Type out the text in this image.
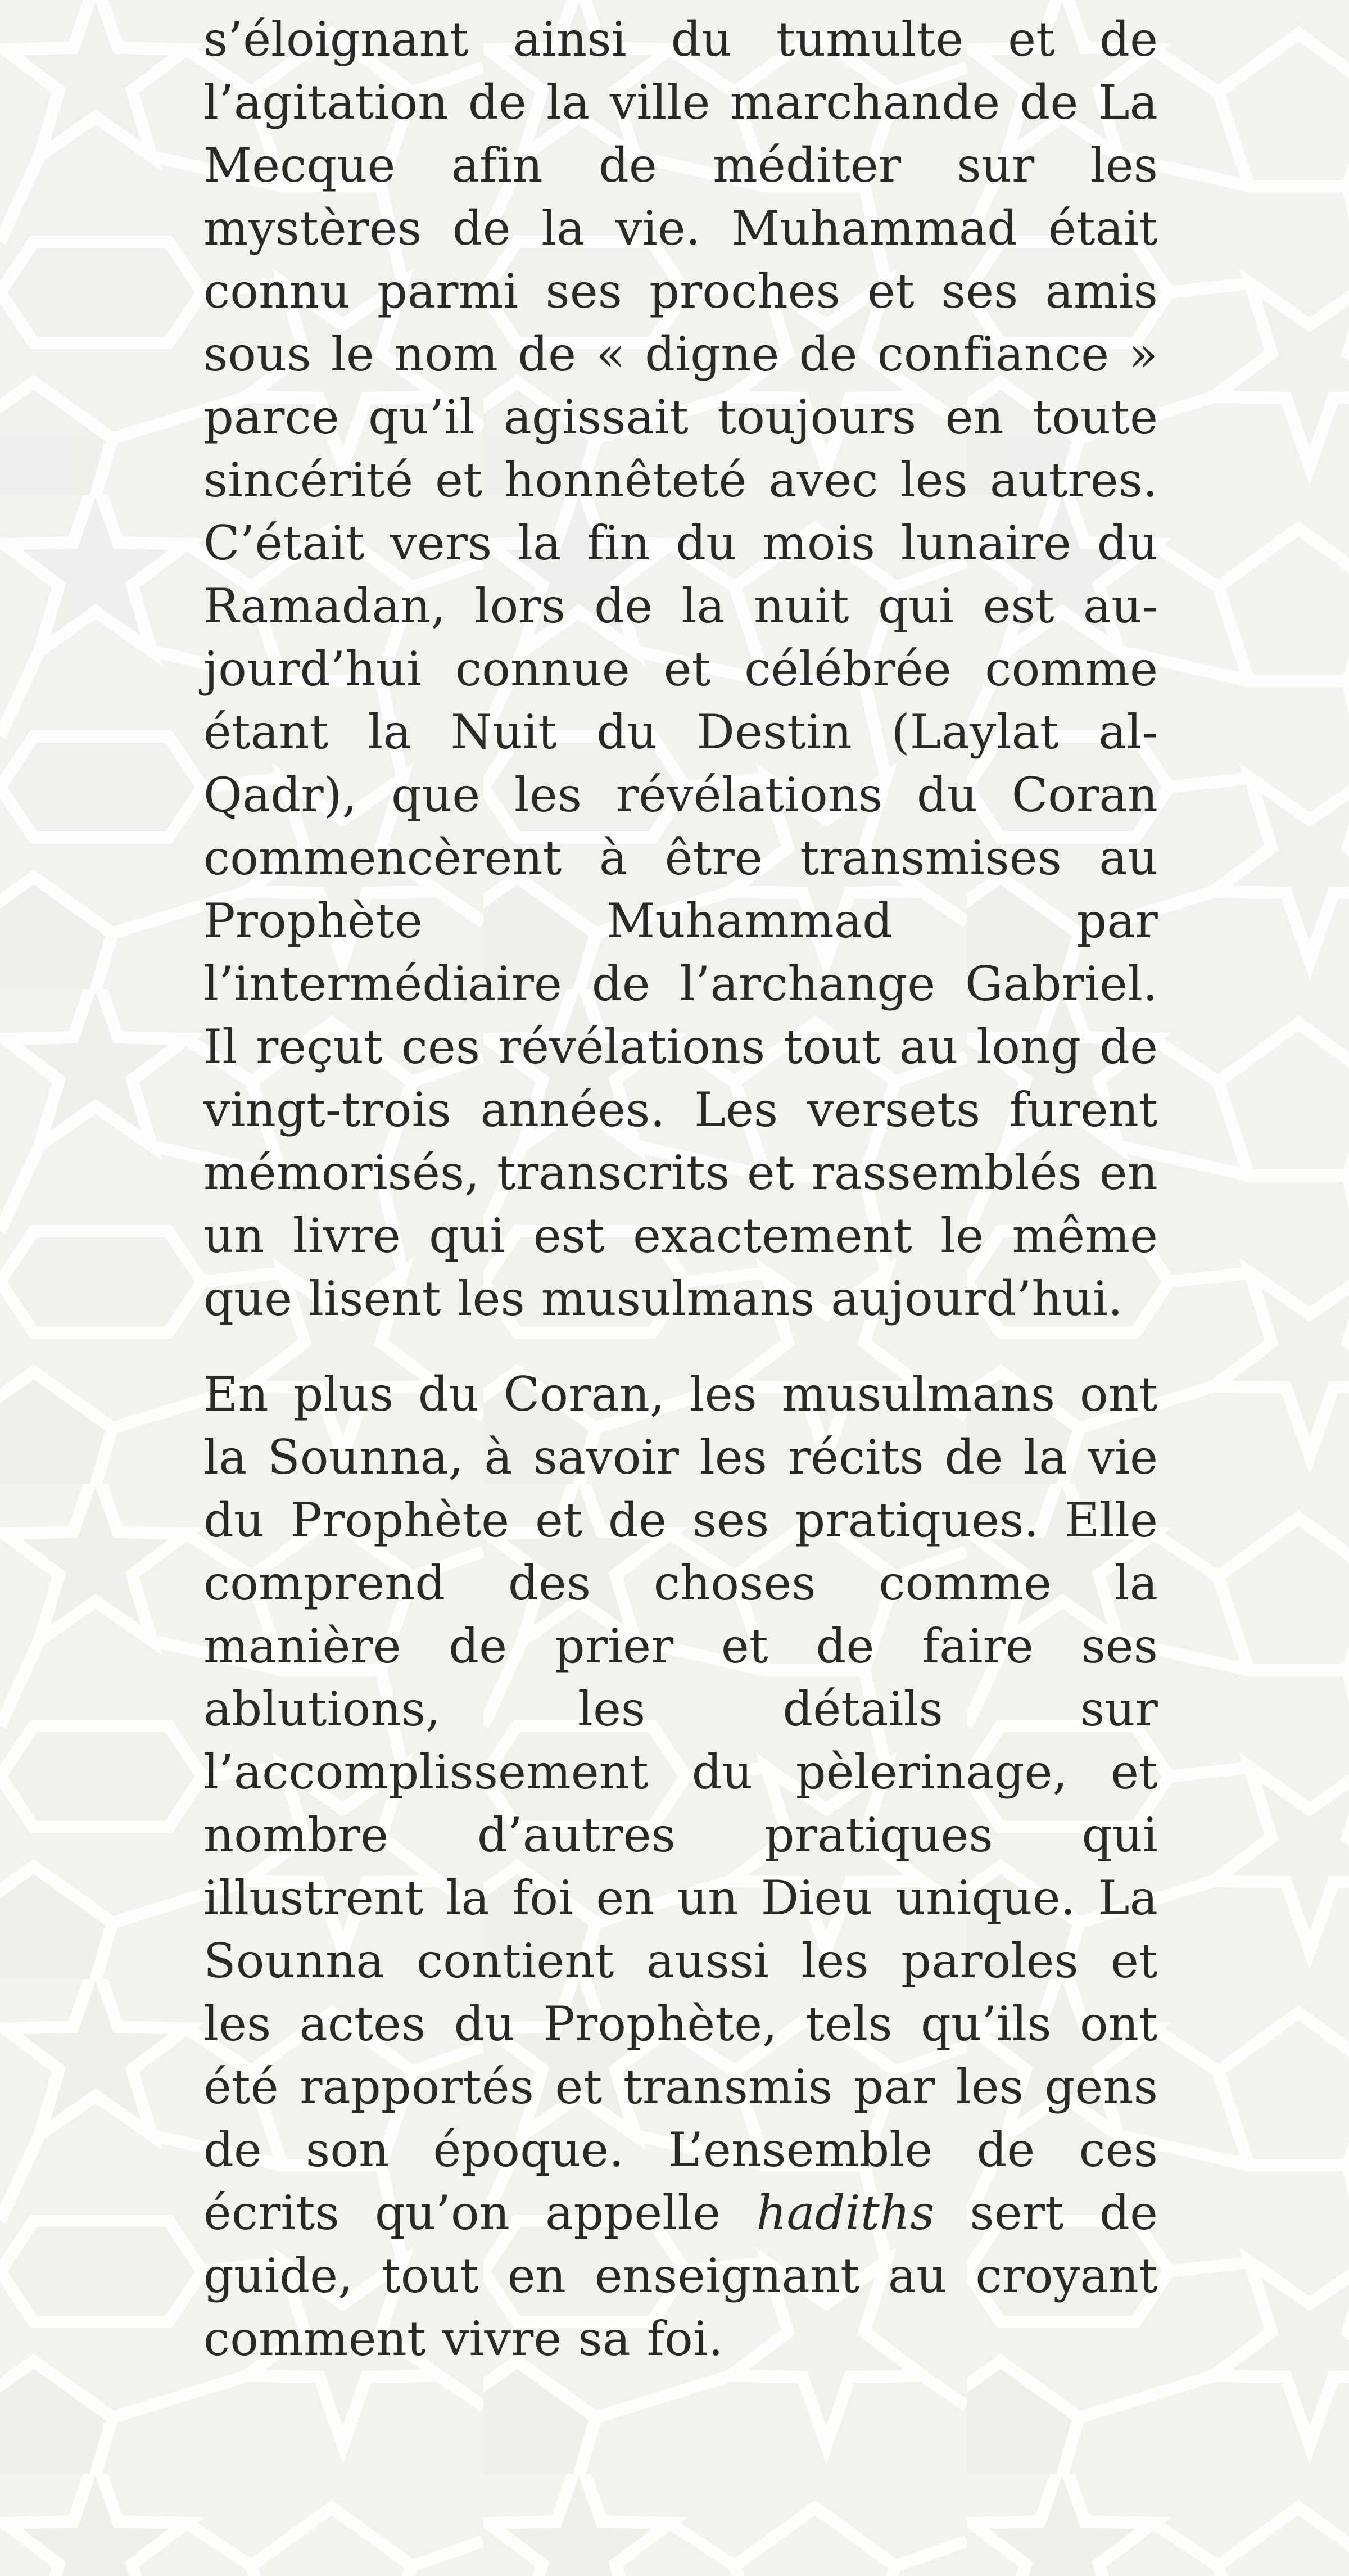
s’éloignant ainsi du tumulte et de l’agitation de la ville marchande de La Mecque afin de méditer sur les mystères de la vie. Muhammad était connu parmi ses proches et ses amis sous le nom de « digne de confiance » parce qu’il agissait toujours en toute sincérité et honnêteté avec les autres. C’était vers la fin du mois lunaire du Ramadan, lors de la nuit qui est aujourd’hui connue et célébrée comme étant la Nuit du Destin (Laylat al-Qadr), que les révélations du Coran commencèrent à être transmises au Prophète Muhammad par l’intermédiaire de l’archange Gabriel. Il reçut ces révélations tout au long de vingt-trois années. Les versets furent mémorisés, transcrits et rassemblés en un livre qui est exactement le même que lisent les musulmans aujourd’hui.

En plus du Coran, les musulmans ont la Sounna, à savoir les récits de la vie du Prophète et de ses pratiques. Elle comprend des choses comme la manière de prier et de faire ses ablutions, les détails sur l’accomplissement du pèlerinage, et nombre d’autres pratiques qui illustrent la foi en un Dieu unique. La Sounna contient aussi les paroles et les actes du Prophète, tels qu’ils ont été rapportés et transmis par les gens de son époque. L’ensemble de ces écrits qu’on appelle hadiths sert de guide, tout en enseignant au croyant comment vivre sa foi.
